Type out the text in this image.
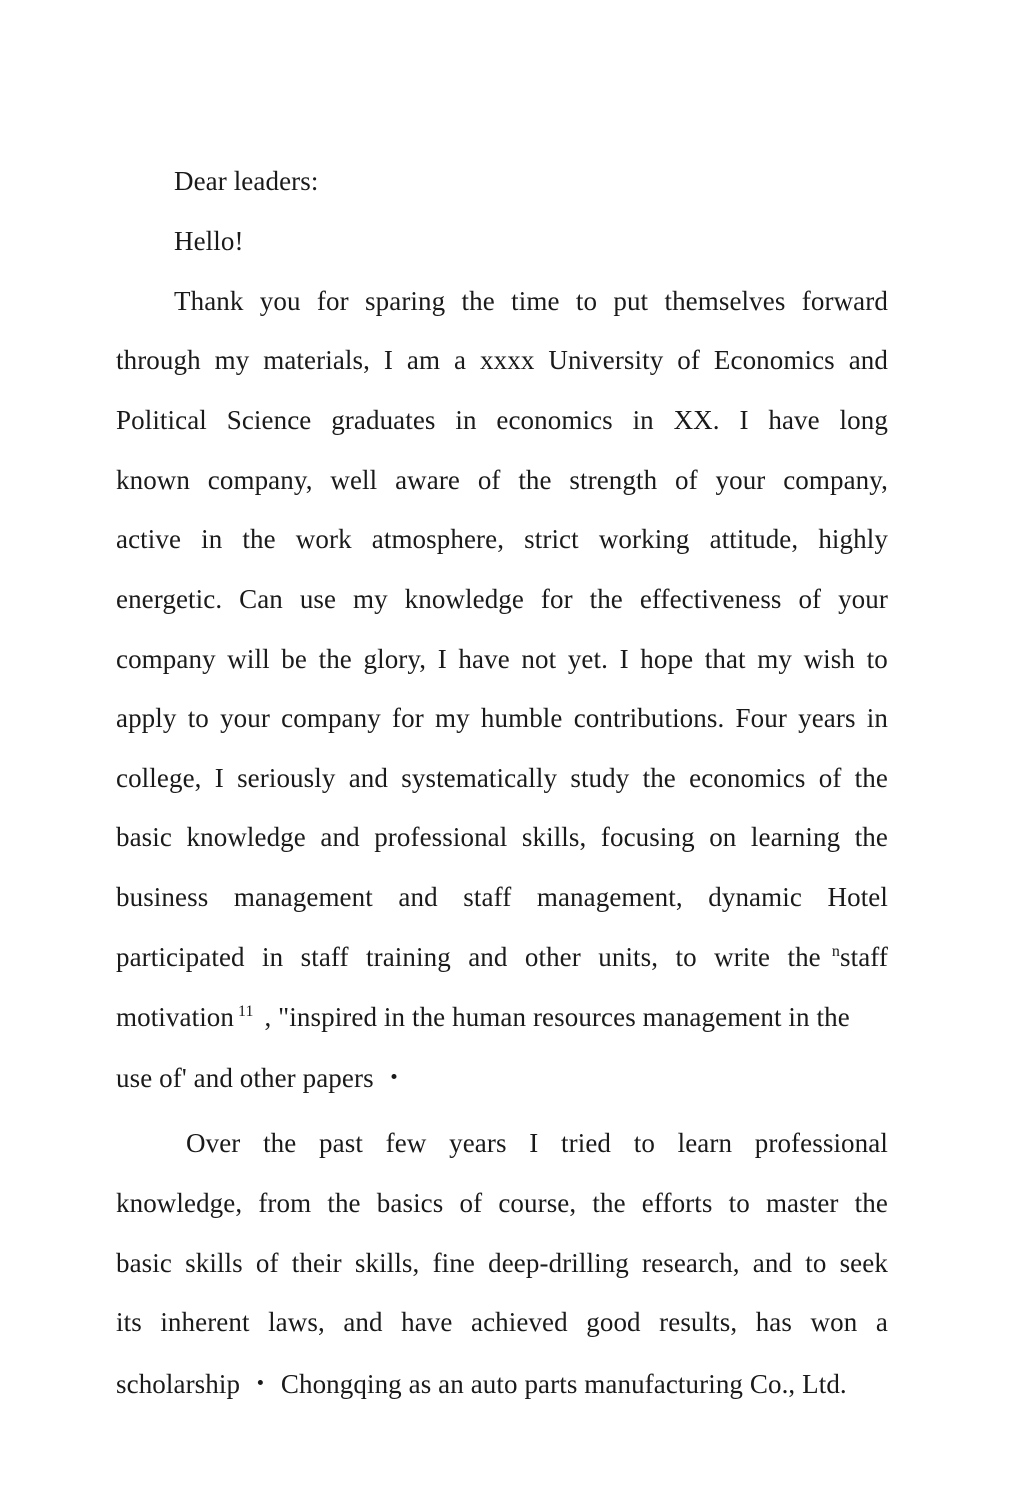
Dear leaders:
Hello!
Thank you for sparing the time to put themselves forward
through my materials, I am a xxxx University of Economics and
Political Science graduates in economics in XX. I have long
known company, well aware of the strength of your company,
active in the work atmosphere, strict working attitude, highly
energetic. Can use my knowledge for the effectiveness of your
company will be the glory, I have not yet. I hope that my wish to
apply to your company for my humble contributions. Four years in
college, I seriously and systematically study the economics of the
basic knowledge and professional skills, focusing on learning the
business management and staff management, dynamic Hotel
participated in staff training and other units, to write the $^n$staff
motivation $^{11}$ , "inspired in the human resources management in the
use of' and other papers ・
Over the past few years I tried to learn professional
knowledge, from the basics of course, the efforts to master the
basic skills of their skills, fine deep-drilling research, and to seek
its inherent laws, and have achieved good results, has won a
scholarship ・ Chongqing as an auto parts manufacturing Co., Ltd.
